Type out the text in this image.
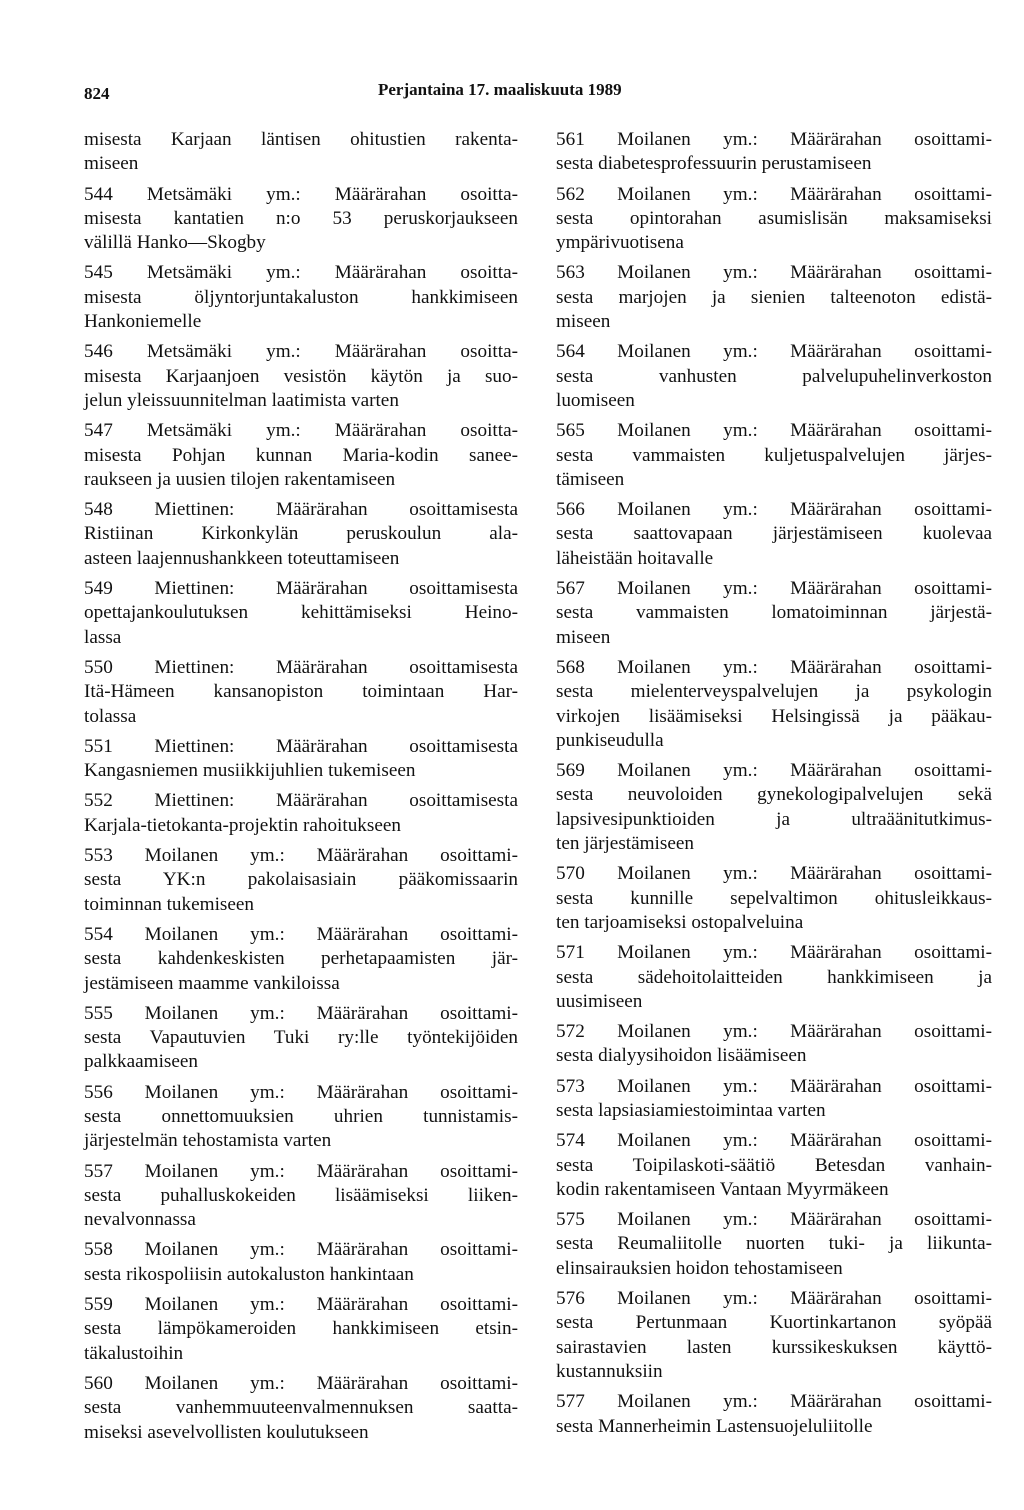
824	Perjantaina 17. maaliskuuta 1989
misesta Karjaan läntisen ohitustien rakenta-
miseen
544 Metsämäki ym.: Määrärahan osoitta-
misesta kantatien n:o 53 peruskorjaukseen
välillä Hanko—Skogby
545 Metsämäki ym.: Määrärahan osoitta-
misesta öljyntorjuntakaluston hankkimiseen
Hankoniemelle
546 Metsämäki ym.: Määrärahan osoitta-
misesta Karjaanjoen vesistön käytön ja suo-
jelun yleissuunnitelman laatimista varten
547 Metsämäki ym.: Määrärahan osoitta-
misesta Pohjan kunnan Maria-kodin saneе-
raukseen ja uusien tilojen rakentamiseen
548 Miettinen: Määrärahan osoittamisesta
Ristiinan Kirkonkylän peruskoulun ala-
asteen laajennushankkeen toteuttamiseen
549 Miettinen: Määrärahan osoittamisesta
opettajankoulutuksen kehittämiseksi Heino-
lassa
550 Miettinen: Määrärahan osoittamisesta
Itä-Hämeen kansanopiston toimintaan Har-
tolassa
551 Miettinen: Määrärahan osoittamisesta
Kangasniemen musiikkijuhlien tukemiseen
552 Miettinen: Määrärahan osoittamisesta
Karjala-tietokanta-projektin rahoitukseen
553 Moilanen ym.: Määrärahan osoittami-
sesta YK:n pakolaisasiain pääkomissaarin
toiminnan tukemiseen
554 Moilanen ym.: Määrärahan osoittami-
sesta kahdenkeskisten perhetapaamisten jär-
jestämiseen maamme vankiloissa
555 Moilanen ym.: Määrärahan osoittami-
sesta Vapautuvien Tuki ry:lle työntekijöiden
palkkaamiseen
556 Moilanen ym.: Määrärahan osoittami-
sesta onnettomuuksien uhrien tunnistamis-
järjestelmän tehostamista varten
557 Moilanen ym.: Määrärahan osoittami-
sesta puhalluskokeiden lisäämiseksi liiken-
nevalvonnassa
558 Moilanen ym.: Määrärahan osoittami-
sesta rikospoliisin autokaluston hankintaan
559 Moilanen ym.: Määrärahan osoittami-
sesta lämpökameroiden hankkimiseen etsin-
täkalustoihin
560 Moilanen ym.: Määrärahan osoittami-
sesta vanhemmuuteenvalmennuksen saatta-
miseksi asevelvollisten koulutukseen
561 Moilanen ym.: Määrärahan osoittami-
sesta diabetesprofessuurin perustamiseen
562 Moilanen ym.: Määrärahan osoittami-
sesta opintorahan asumislisän maksamiseksi
ympärivuotisena
563 Moilanen ym.: Määrärahan osoittami-
sesta marjojen ja sienien talteenoton edistä-
miseen
564 Moilanen ym.: Määrärahan osoittami-
sesta vanhusten palvelupuhelinverkoston
luomiseen
565 Moilanen ym.: Määrärahan osoittami-
sesta vammaisten kuljetuspalvelujen järjes-
tämiseen
566 Moilanen ym.: Määrärahan osoittami-
sesta saattovapaan järjestämiseen kuolevaa
läheistään hoitavalle
567 Moilanen ym.: Määrärahan osoittami-
sesta vammaisten lomatoiminnan järjestä-
miseen
568 Moilanen ym.: Määrärahan osoittami-
sesta mielenterveyspalvelujen ja psykologin
virkojen lisäämiseksi Helsingissä ja pääkau-
punkiseudulla
569 Moilanen ym.: Määrärahan osoittami-
sesta neuvoloiden gynekologipalvelujen sekä
lapsivesipunktioiden ja ultraäänitutkimus-
ten järjestämiseen
570 Moilanen ym.: Määrärahan osoittami-
sesta kunnille sepelvaltimon ohitusleikkaus-
ten tarjoamiseksi ostopalveluina
571 Moilanen ym.: Määrärahan osoittami-
sesta sädehoitolaitteiden hankkimiseen ja
uusimiseen
572 Moilanen ym.: Määrärahan osoittami-
sesta dialyysihoidon lisäämiseen
573 Moilanen ym.: Määrärahan osoittami-
sesta lapsiasiamiestoimintaa varten
574 Moilanen ym.: Määrärahan osoittami-
sesta Toipilaskoti-säätiö Betesdan vanhain-
kodin rakentamiseen Vantaan Myyrmäkeen
575 Moilanen ym.: Määrärahan osoittami-
sesta Reumaliitolle nuorten tuki- ja liikunta-
elinsairauksien hoidon tehostamiseen
576 Moilanen ym.: Määrärahan osoittami-
sesta Pertunmaan Kuortinkartanon syöpää
sairastavien lasten kurssikeskuksen käyttö-
kustannuksiin
577 Moilanen ym.: Määrärahan osoittami-
sesta Mannerheimin Lastensuojeluliitolle
